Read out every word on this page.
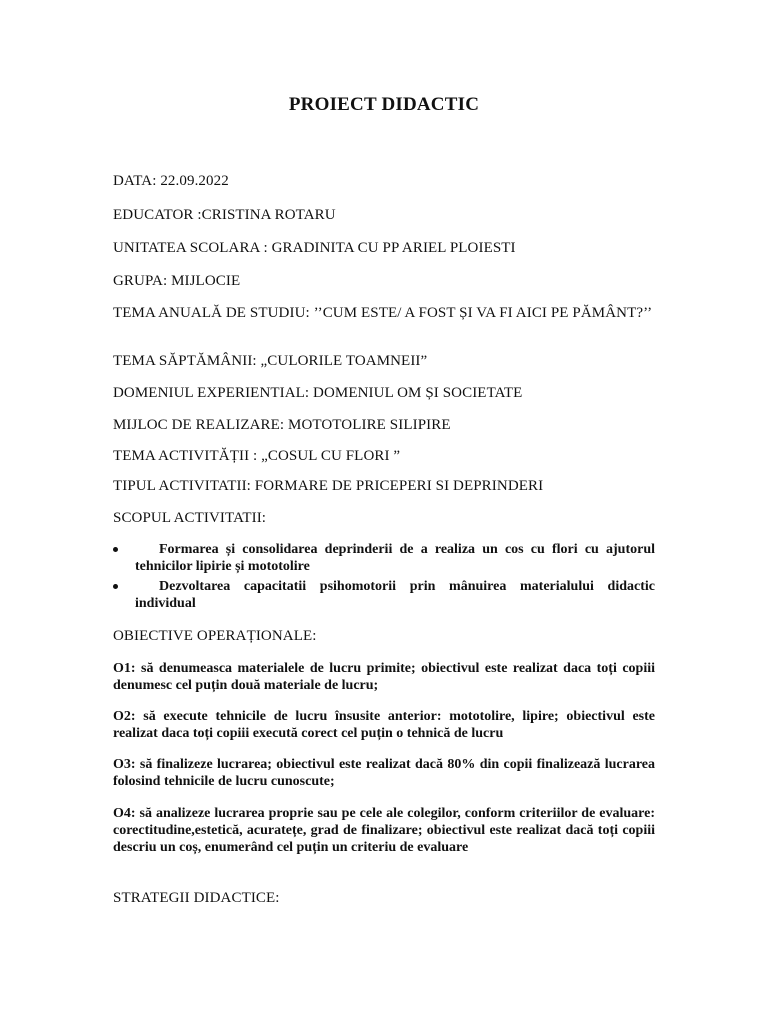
PROIECT DIDACTIC
DATA: 22.09.2022
EDUCATOR :CRISTINA ROTARU
UNITATEA SCOLARA : GRADINITA CU PP ARIEL PLOIESTI
GRUPA: MIJLOCIE
TEMA ANUALĂ DE STUDIU: ’’CUM ESTE/ A FOST ȘI VA FI AICI PE PĂMÂNT?’’
TEMA SĂPTĂMÂNII: „CULORILE TOAMNEII”
DOMENIUL EXPERIENTIAL: DOMENIUL OM ȘI SOCIETATE
MIJLOC DE REALIZARE: MOTOTOLIRE SILIPIRE
TEMA ACTIVITĂȚII : „COSUL CU FLORI ”
TIPUL ACTIVITATII: FORMARE DE PRICEPERI SI DEPRINDERI
SCOPUL ACTIVITATII:
Formarea și consolidarea deprinderii de a realiza un cos cu flori cu ajutorul tehnicilor lipirie și mototolire
Dezvoltarea capacitatii psihomotorii prin mânuirea materialului didactic individual
OBIECTIVE OPERAȚIONALE:
O1: să denumeasca materialele de lucru primite; obiectivul este realizat daca toți copiii denumesc cel puțin două materiale de lucru;
O2: să execute tehnicile de lucru însusite anterior: mototolire, lipire; obiectivul este realizat daca toți copiii execută corect cel puțin o tehnică de lucru
O3: să finalizeze lucrarea; obiectivul este realizat dacă 80% din copii finalizează lucrarea folosind tehnicile de lucru cunoscute;
O4: să analizeze lucrarea proprie sau pe cele ale colegilor, conform criteriilor de evaluare: corectitudine,estetică, acuratețe, grad de finalizare; obiectivul este realizat dacă toți copiii descriu un coș, enumerând cel puțin un criteriu de evaluare
STRATEGII DIDACTICE:
